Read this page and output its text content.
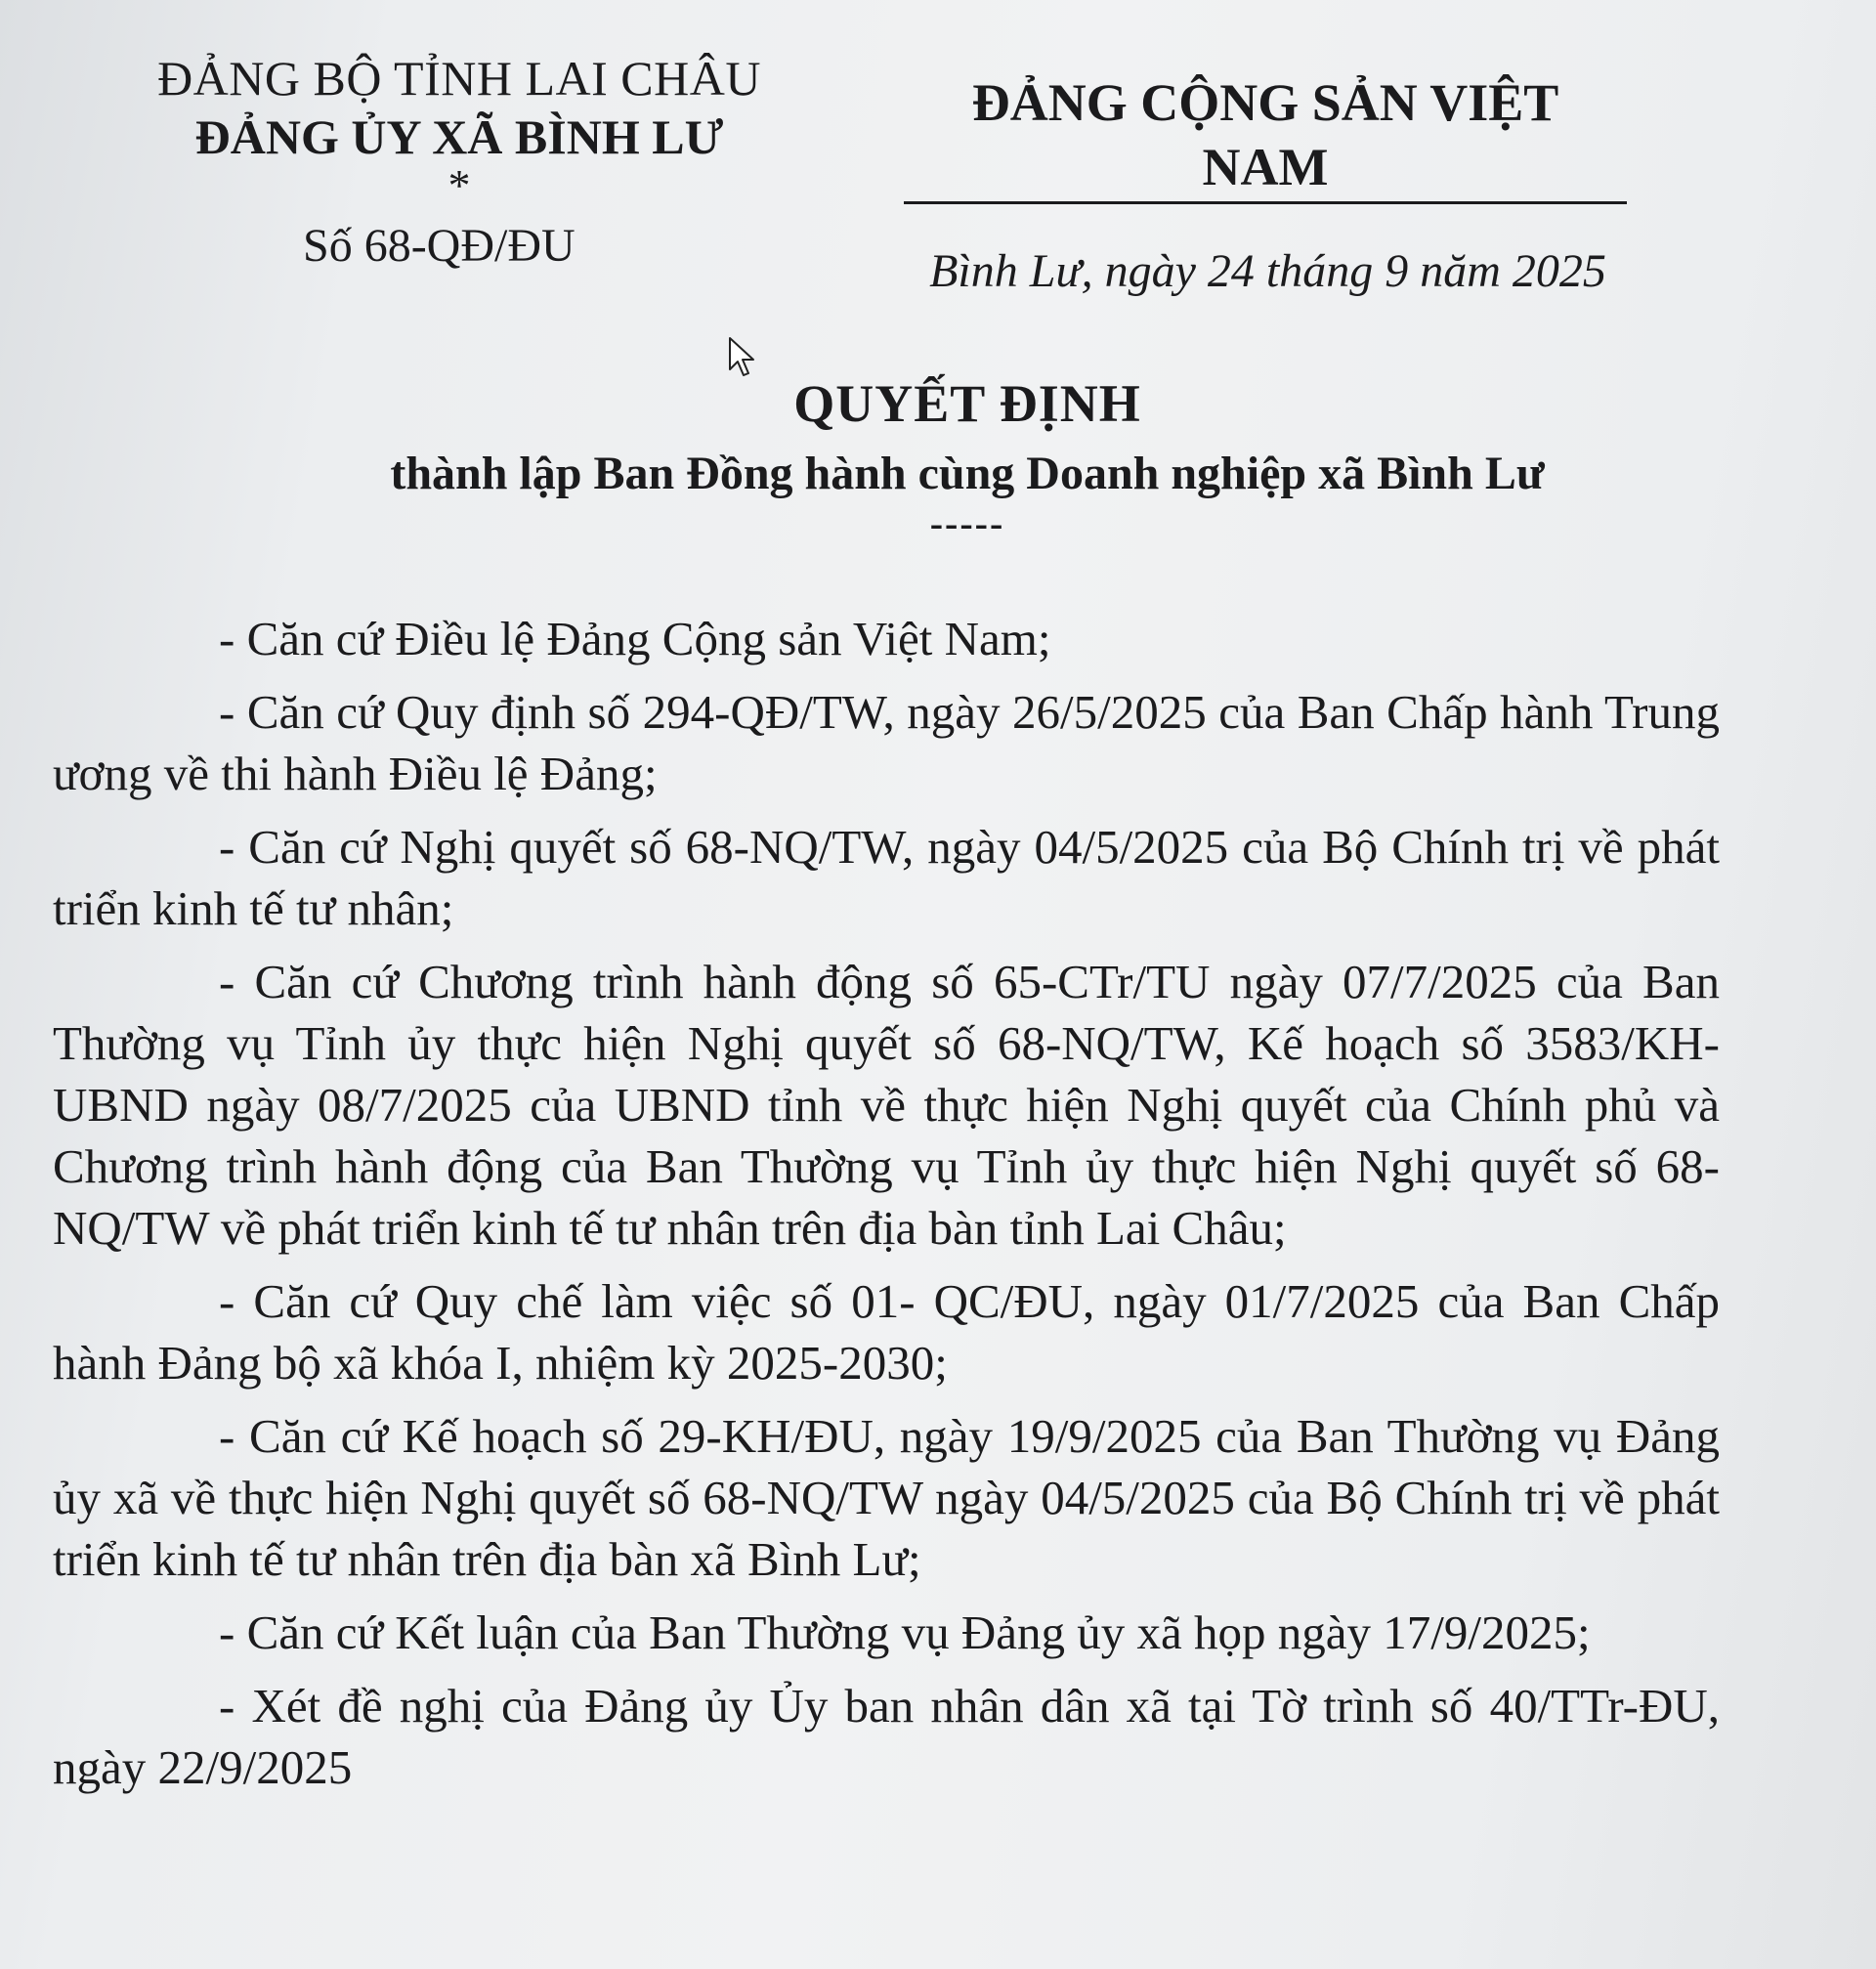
ĐẢNG BỘ TỈNH LAI CHÂU
ĐẢNG ỦY XÃ BÌNH LƯ
*
Số 68-QĐ/ĐU
ĐẢNG CỘNG SẢN VIỆT NAM
Bình Lư, ngày 24 tháng 9 năm 2025
QUYẾT ĐỊNH
thành lập Ban Đồng hành cùng Doanh nghiệp xã Bình Lư
-----

- Căn cứ Điều lệ Đảng Cộng sản Việt Nam;

- Căn cứ Quy định số 294-QĐ/TW, ngày 26/5/2025 của Ban Chấp hành Trung ương về thi hành Điều lệ Đảng;

- Căn cứ Nghị quyết số 68-NQ/TW, ngày 04/5/2025 của Bộ Chính trị về phát triển kinh tế tư nhân;

- Căn cứ Chương trình hành động số 65-CTr/TU ngày 07/7/2025 của Ban Thường vụ Tỉnh ủy thực hiện Nghị quyết số 68-NQ/TW, Kế hoạch số 3583/KH-UBND ngày 08/7/2025 của UBND tỉnh về thực hiện Nghị quyết của Chính phủ và Chương trình hành động của Ban Thường vụ Tỉnh ủy thực hiện Nghị quyết số 68-NQ/TW về phát triển kinh tế tư nhân trên địa bàn tỉnh Lai Châu;

- Căn cứ Quy chế làm việc số 01- QC/ĐU, ngày 01/7/2025 của Ban Chấp hành Đảng bộ xã khóa I, nhiệm kỳ 2025-2030;

- Căn cứ Kế hoạch số 29-KH/ĐU, ngày 19/9/2025 của Ban Thường vụ Đảng ủy xã về thực hiện Nghị quyết số 68-NQ/TW ngày 04/5/2025 của Bộ Chính trị về phát triển kinh tế tư nhân trên địa bàn xã Bình Lư;

- Căn cứ Kết luận của Ban Thường vụ Đảng ủy xã họp ngày 17/9/2025;

- Xét đề nghị của Đảng ủy Ủy ban nhân dân xã tại Tờ trình số 40/TTr-ĐU, ngày 22/9/2025
